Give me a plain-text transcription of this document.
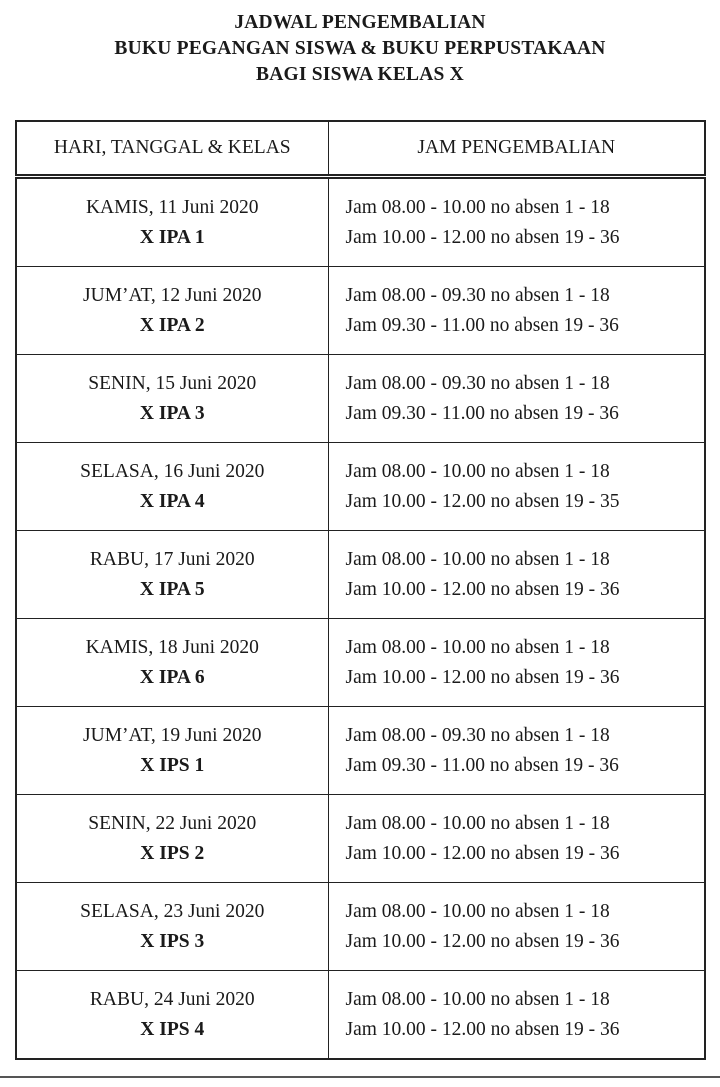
JADWAL PENGEMBALIAN
BUKU PEGANGAN SISWA & BUKU PERPUSTAKAAN
BAGI SISWA KELAS X
HARI, TANGGAL & KELAS	JAM PENGEMBALIAN

KAMIS, 11 Juni 2020
X IPA 1	Jam 08.00 - 10.00 no absen 1 - 18
Jam 10.00 - 12.00 no absen 19 - 36

JUM’AT, 12 Juni 2020
X IPA 2	Jam 08.00 - 09.30 no absen 1 - 18
Jam 09.30 - 11.00 no absen 19 - 36

SENIN, 15 Juni 2020
X IPA 3	Jam 08.00 - 09.30 no absen 1 - 18
Jam 09.30 - 11.00 no absen 19 - 36

SELASA, 16 Juni 2020
X IPA 4	Jam 08.00 - 10.00 no absen 1 - 18
Jam 10.00 - 12.00 no absen 19 - 35

RABU, 17 Juni 2020
X IPA 5	Jam 08.00 - 10.00 no absen 1 - 18
Jam 10.00 - 12.00 no absen 19 - 36

KAMIS, 18 Juni 2020
X IPA 6	Jam 08.00 - 10.00 no absen 1 - 18
Jam 10.00 - 12.00 no absen 19 - 36

JUM’AT, 19 Juni 2020
X IPS 1	Jam 08.00 - 09.30 no absen 1 - 18
Jam 09.30 - 11.00 no absen 19 - 36

SENIN, 22 Juni 2020
X IPS 2	Jam 08.00 - 10.00 no absen 1 - 18
Jam 10.00 - 12.00 no absen 19 - 36

SELASA, 23 Juni 2020
X IPS 3	Jam 08.00 - 10.00 no absen 1 - 18
Jam 10.00 - 12.00 no absen 19 - 36

RABU, 24 Juni 2020
X IPS 4	Jam 08.00 - 10.00 no absen 1 - 18
Jam 10.00 - 12.00 no absen 19 - 36
